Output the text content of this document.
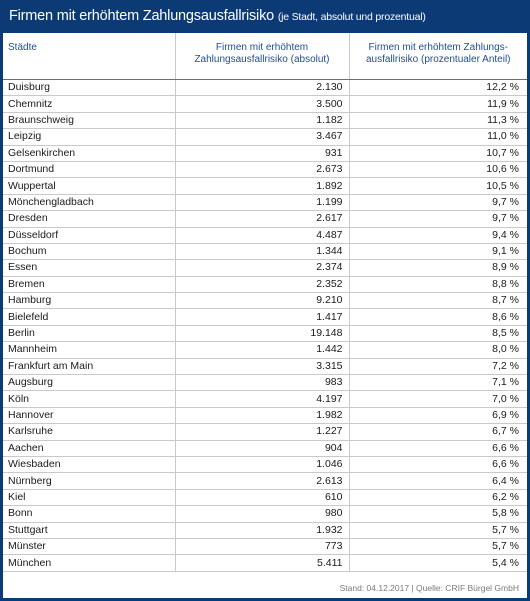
Firmen mit erhöhtem Zahlungsausfallrisiko (je Stadt, absolut und prozentual)
Städte	Firmen mit erhöhtem Zahlungsausfallrisiko (absolut)	Firmen mit erhöhtem Zahlungs-ausfallrisiko (prozentualer Anteil)
Duisburg	2.130	12,2 %
Chemnitz	3.500	11,9 %
Braunschweig	1.182	11,3 %
Leipzig	3.467	11,0 %
Gelsenkirchen	931	10,7 %
Dortmund	2.673	10,6 %
Wuppertal	1.892	10,5 %
Mönchengladbach	1.199	9,7 %
Dresden	2.617	9,7 %
Düsseldorf	4.487	9,4 %
Bochum	1.344	9,1 %
Essen	2.374	8,9 %
Bremen	2.352	8,8 %
Hamburg	9.210	8,7 %
Bielefeld	1.417	8,6 %
Berlin	19.148	8,5 %
Mannheim	1.442	8,0 %
Frankfurt am Main	3.315	7,2 %
Augsburg	983	7,1 %
Köln	4.197	7,0 %
Hannover	1.982	6,9 %
Karlsruhe	1.227	6,7 %
Aachen	904	6,6 %
Wiesbaden	1.046	6,6 %
Nürnberg	2.613	6,4 %
Kiel	610	6,2 %
Bonn	980	5,8 %
Stuttgart	1.932	5,7 %
Münster	773	5,7 %
München	5.411	5,4 %
Stand: 04.12.2017 | Quelle: CRIF Bürgel GmbH
